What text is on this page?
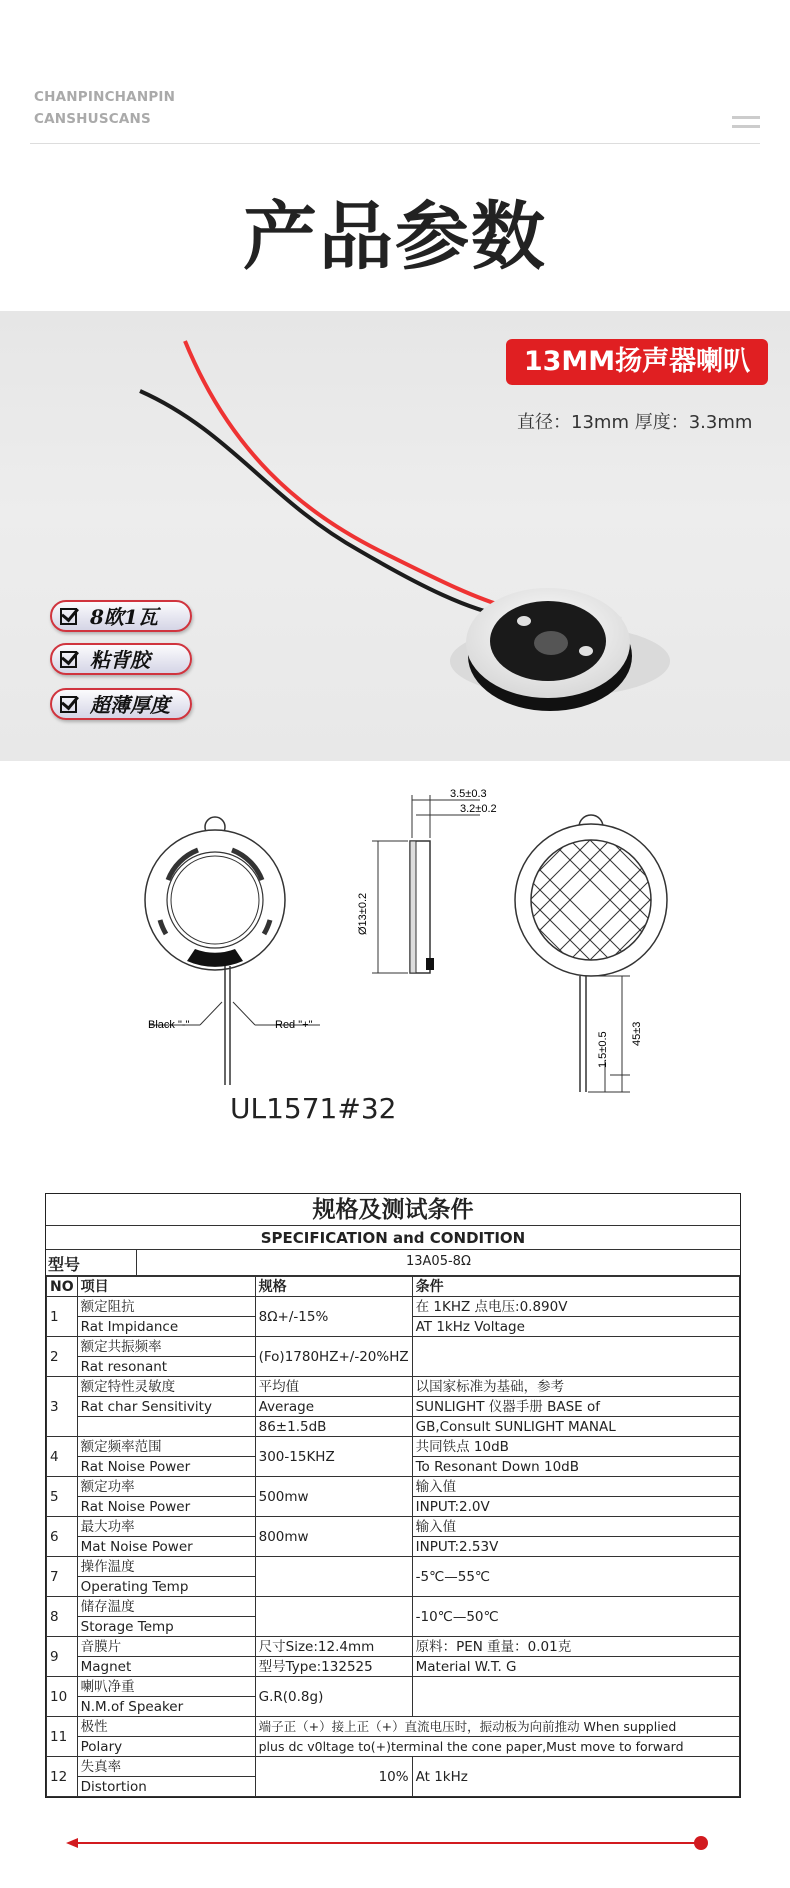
CHANPINCHANPIN
CANSHUSCANS
产品参数
13MM扬声器喇叭
直径：13mm 厚度：3.3mm
8欧1瓦
粘背胶
超薄厚度
Black "-"	Red "+"
3.5±0.3
3.2±0.2
Ø13±0.2
1.5±0.5 45±3
UL1571#32
规格及测试条件
SPECIFICATION and CONDITION
型号	13A05-8Ω
NO	项目	规格	条件
1	额定阻抗	8Ω+/-15%	在 1KHZ 点电压:0.890V
	Rat Impidance		AT 1kHz Voltage
2	额定共振频率	(Fo)1780HZ+/-20%HZ	
	Rat resonant		
3	额定特性灵敏度	平均值	以国家标准为基础，参考
	Rat char Sensitivity	Average	SUNLIGHT 仪器手册 BASE of
		86±1.5dB	GB,Consult SUNLIGHT MANAL
4	额定频率范围	300-15KHZ	共同铁点 10dB
	Rat Noise Power		To Resonant Down 10dB
5	额定功率	500mw	输入值
	Rat Noise Power		INPUT:2.0V
6	最大功率	800mw	输入值
	Mat Noise Power		INPUT:2.53V
7	操作温度		-5℃—55℃
	Operating Temp		
8	储存温度		-10℃—50℃
	Storage Temp		
9	音膜片	尺寸Size:12.4mm	原料：PEN 重量：0.01克
	Magnet	型号Type:132525	Material W.T. G
10	喇叭净重	G.R(0.8g)	
	N.M.of Speaker		
11	极性	端子正（+）接上正（+）直流电压时，振动板为向前推动 When supplied	
	Polary	plus dc v0ltage to(+)terminal the cone paper,Must move to forward	
12	失真率	10%	At 1kHz
	Distortion		
